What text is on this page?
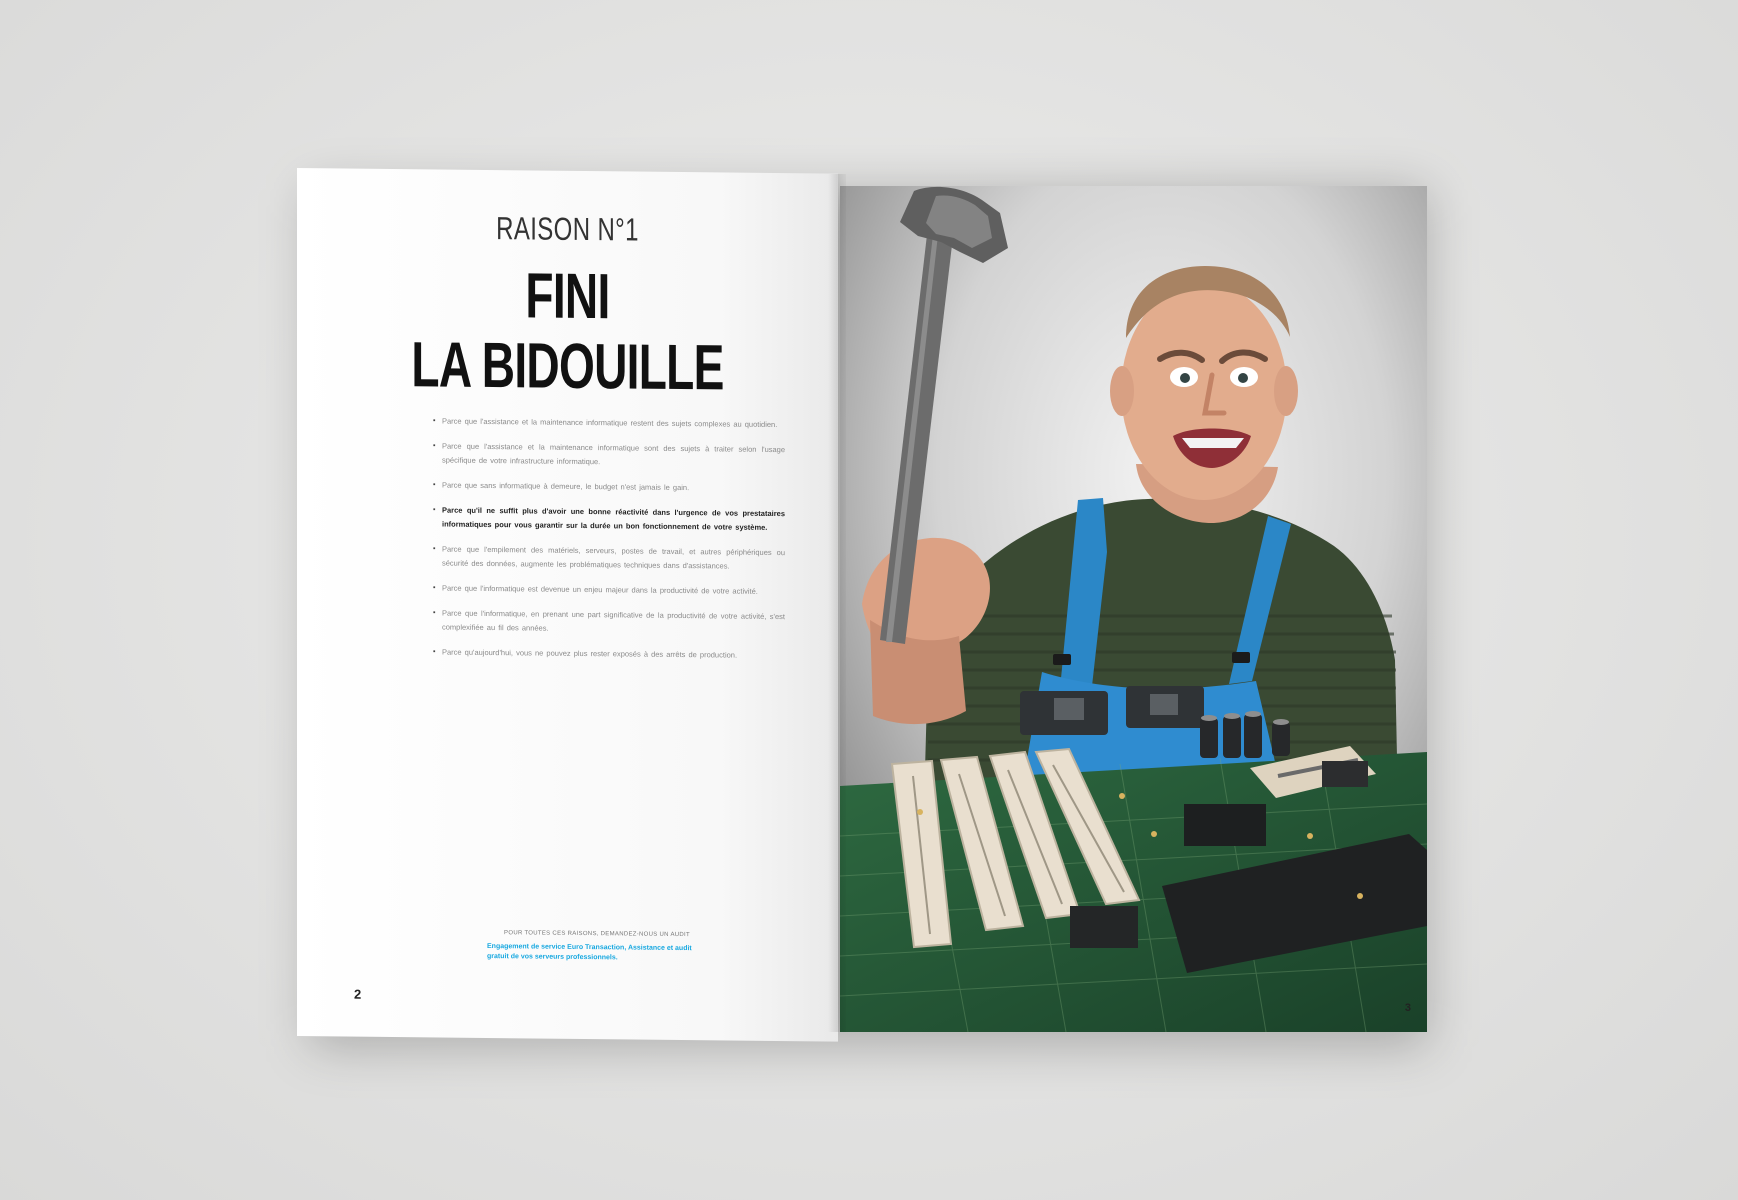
RAISON N°1
FINI
LA BIDOUILLE
▪ Parce que l'assistance et la maintenance informatique restent des sujets complexes au quotidien.
▪ Parce que l'assistance et la maintenance informatique sont des sujets à traiter selon l'usage spécifique de votre infrastructure informatique.
▪ Parce que sans informatique à demeure, le budget n'est jamais le gain.
▪ Parce qu'il ne suffit plus d'avoir une bonne réactivité dans l'urgence de vos prestataires informatiques pour vous garantir sur la durée un bon fonctionnement de votre système.
▪ Parce que l'empilement des matériels, serveurs, postes de travail, et autres périphériques ou sécurité des données, augmente les problématiques techniques dans d'assistances.
▪ Parce que l'informatique est devenue un enjeu majeur dans la productivité de votre activité.
▪ Parce que l'informatique, en prenant une part significative de la productivité de votre activité, s'est complexifiée au fil des années.
▪ Parce qu'aujourd'hui, vous ne pouvez plus rester exposés à des arrêts de production.
POUR TOUTES CES RAISONS, DEMANDEZ-NOUS UN AUDIT
Engagement de service Euro Transaction, Assistance et audit gratuit de vos serveurs professionnels.
2
3
